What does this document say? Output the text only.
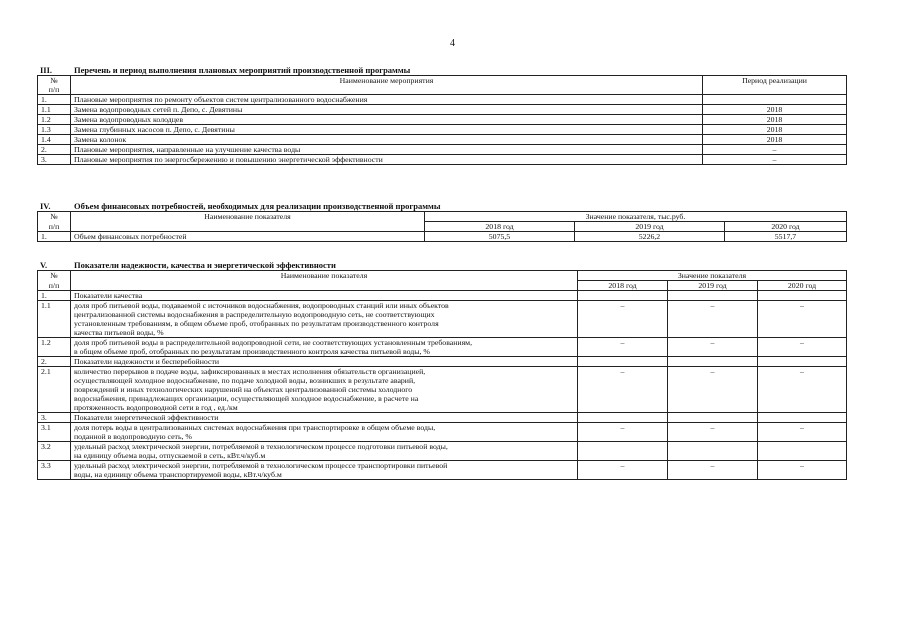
4
III.	Перечень и период выполнения плановых мероприятий производственной программы
№	Наименование мероприятия	Период реализации
п/п		
1.	Плановые мероприятия по ремонту объектов систем централизованного водоснабжения	
1.1	Замена водопроводных сетей п. Депо, с. Девятины	2018
1.2	Замена водопроводных колодцев	2018
1.3	Замена глубинных насосов п. Депо, с. Девятины	2018
1.4	Замена колонок	2018
2.	Плановые мероприятия, направленные на улучшение качества воды	–
3.	Плановые мероприятия по энергосбережению и повышению энергетической эффективности	–
IV.	Объем финансовых потребностей, необходимых для реализации производственной программы
№	Наименование показателя	Значение показателя, тыс.руб.		
п/п		2018 год	2019 год	2020 год
1.	Объем финансовых потребностей	5075,5	5226,2	5517,7
V.	Показатели надежности, качества и энергетической эффективности
№	Наименование показателя	Значение показателя		
п/п		2018 год	2019 год	2020 год
1.	Показатели качества			

1.1	доля проб питьевой воды, подаваемой с источников водоснабжения, водопроводных станций или иных объектов
централизованной системы водоснабжения в распределительную водопроводную сеть, не соответствующих
установленным требованиям, в общем объеме проб, отобранных по результатам производственного контроля
качества питьевой воды, %	–	–	–
1.2	доля проб питьевой воды в распределительной водопроводной сети, не соответствующих установленным требованиям,
в общем объеме проб, отобранных по результатам производственного контроля качества питьевой воды, %	–	–	–
2.	Показатели надежности и бесперебойности			

2.1	количество перерывов в подаче воды, зафиксированных в местах исполнения обязательств организацией,
осуществляющей холодное водоснабжение, по подаче холодной воды, возникших в результате аварий,
повреждений и иных технологических нарушений на объектах централизованной системы холодного
водоснабжения, принадлежащих организации, осуществляющей холодное водоснабжение, в расчете на
протяженность водопроводной сети в год , ед./км	–	–	–
3.	Показатели энергетической эффективности			

3.1	доля потерь воды в централизованных системах водоснабжения при транспортировке в общем объеме воды,
поданной в водопроводную сеть, %	–	–	–
3.2	удельный расход электрической энергии, потребляемой в технологическом процессе подготовки питьевой воды,
на единицу объема воды, отпускаемой в сеть, кВт.ч/куб.м			

3.3	удельный расход электрической энергии, потребляемой в технологическом процессе транспортировки питьевой
воды, на единицу объема транспортируемой воды, кВт.ч/куб.м	–	–	–
